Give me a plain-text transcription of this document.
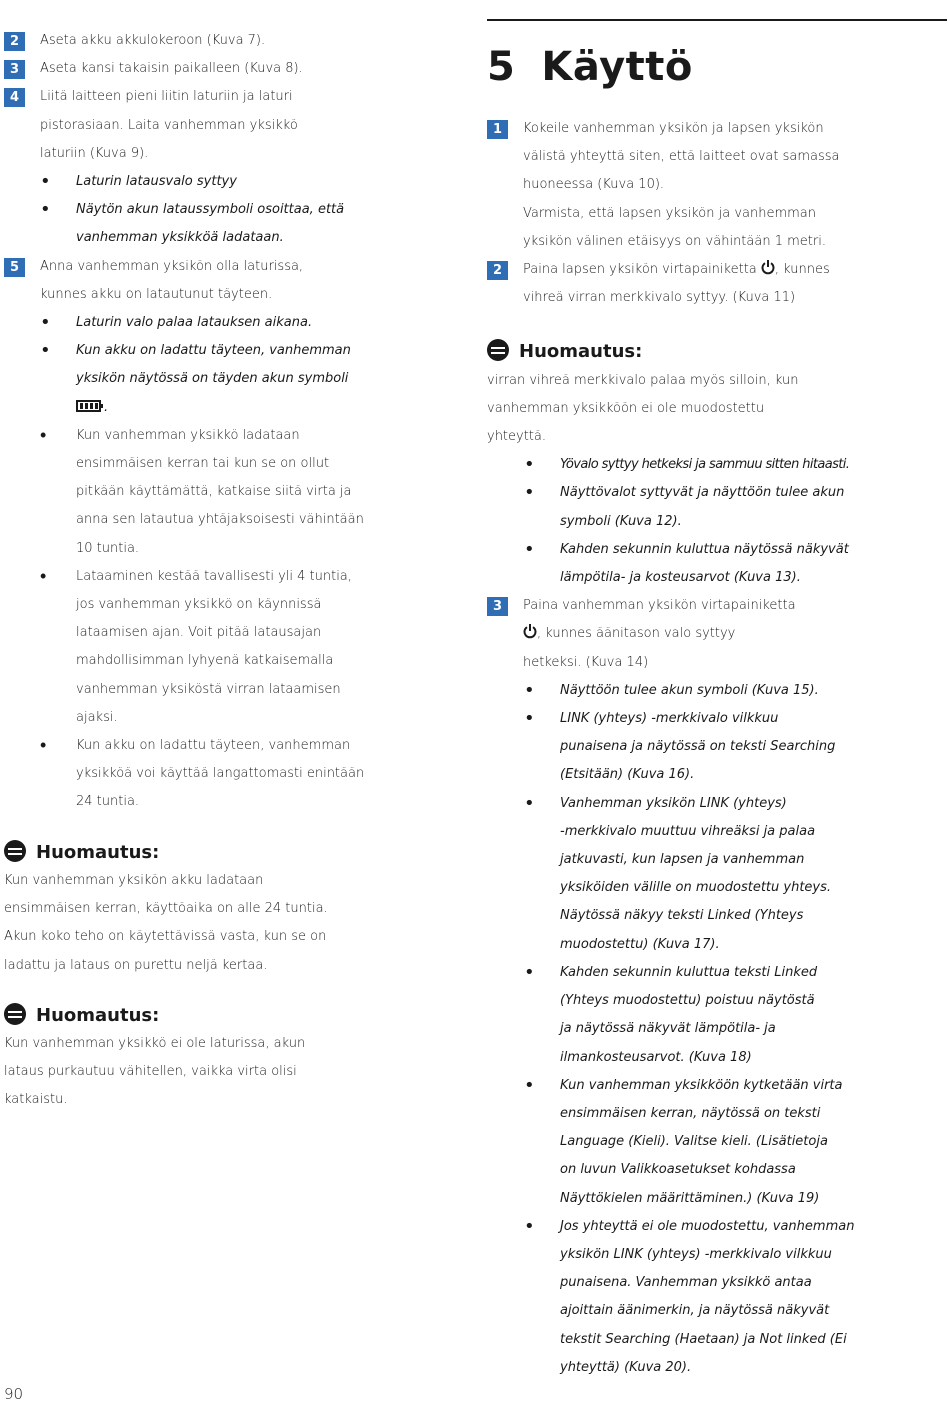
2	Aseta akku akkulokeroon (Kuva 7).
3	Aseta kansi takaisin paikalleen (Kuva 8).
4	Liitä laitteen pieni liitin laturiin ja laturi
pistorasiaan. Laita vanhemman yksikkö
laturiin (Kuva 9).
• Laturin latausvalo syttyy
• Näytön akun lataussymboli osoittaa, että
vanhemman yksikköä ladataan.
5	Anna vanhemman yksikön olla laturissa,
kunnes akku on latautunut täyteen.
• Laturin valo palaa latauksen aikana.
• Kun akku on ladattu täyteen, vanhemman
yksikön näytössä on täyden akun symboli
.
• Kun vanhemman yksikkö ladataan
ensimmäisen kerran tai kun se on ollut
pitkään käyttämättä, katkaise siitä virta ja
anna sen latautua yhtäjaksoisesti vähintään
10 tuntia.
• Lataaminen kestää tavallisesti yli 4 tuntia,
jos vanhemman yksikkö on käynnissä
lataamisen ajan. Voit pitää latausajan
mahdollisimman lyhyenä katkaisemalla
vanhemman yksiköstä virran lataamisen
ajaksi.
• Kun akku on ladattu täyteen, vanhemman
yksikköä voi käyttää langattomasti enintään
24 tuntia.
Huomautus:
Kun vanhemman yksikön akku ladataan
ensimmäisen kerran, käyttöaika on alle 24 tuntia.
Akun koko teho on käytettävissä vasta, kun se on
ladattu ja lataus on purettu neljä kertaa.
Huomautus:
Kun vanhemman yksikkö ei ole laturissa, akun
lataus purkautuu vähitellen, vaikka virta olisi
katkaistu.
5 Käyttö
1	Kokeile vanhemman yksikön ja lapsen yksikön
välistä yhteyttä siten, että laitteet ovat samassa
huoneessa (Kuva 10).
Varmista, että lapsen yksikön ja vanhemman
yksikön välinen etäisyys on vähintään 1 metri.
2	Paina lapsen yksikön virtapainiketta , kunnes
vihreä virran merkkivalo syttyy. (Kuva 11)
Huomautus:
virran vihreä merkkivalo palaa myös silloin, kun
vanhemman yksikköön ei ole muodostettu
yhteyttä.
• Yövalo syttyy hetkeksi ja sammuu sitten hitaasti.
• Näyttövalot syttyvät ja näyttöön tulee akun
symboli (Kuva 12).
• Kahden sekunnin kuluttua näytössä näkyvät
lämpötila- ja kosteusarvot (Kuva 13).
3	Paina vanhemman yksikön virtapainiketta
, kunnes äänitason valo syttyy
hetkeksi. (Kuva 14)
• Näyttöön tulee akun symboli (Kuva 15).
• LINK (yhteys) -merkkivalo vilkkuu
punaisena ja näytössä on teksti Searching
(Etsitään) (Kuva 16).
• Vanhemman yksikön LINK (yhteys)
-merkkivalo muuttuu vihreäksi ja palaa
jatkuvasti, kun lapsen ja vanhemman
yksiköiden välille on muodostettu yhteys.
Näytössä näkyy teksti Linked (Yhteys
muodostettu) (Kuva 17).
• Kahden sekunnin kuluttua teksti Linked
(Yhteys muodostettu) poistuu näytöstä
ja näytössä näkyvät lämpötila- ja
ilmankosteusarvot. (Kuva 18)
• Kun vanhemman yksikköön kytketään virta
ensimmäisen kerran, näytössä on teksti
Language (Kieli). Valitse kieli. (Lisätietoja
on luvun Valikkoasetukset kohdassa
Näyttökielen määrittäminen.) (Kuva 19)
• Jos yhteyttä ei ole muodostettu, vanhemman
yksikön LINK (yhteys) -merkkivalo vilkkuu
punaisena. Vanhemman yksikkö antaa
ajoittain äänimerkin, ja näytössä näkyvät
tekstit Searching (Haetaan) ja Not linked (Ei
yhteyttä) (Kuva 20).
90
